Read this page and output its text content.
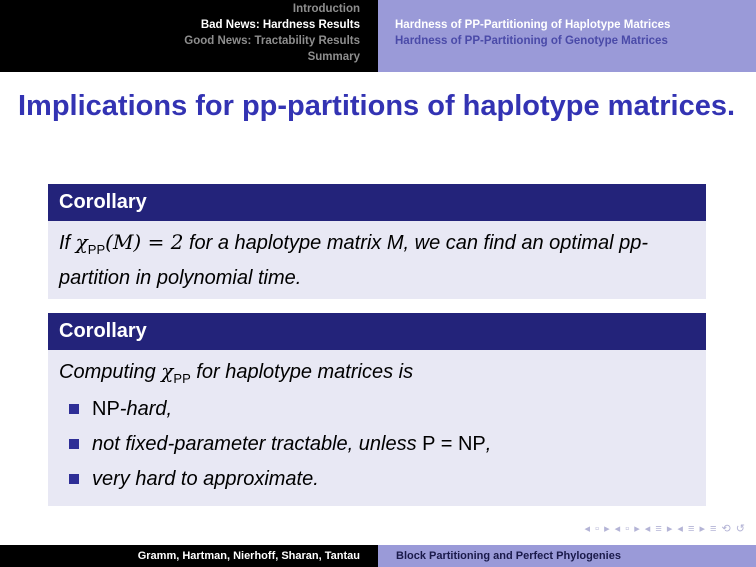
Introduction
Bad News: Hardness Results
Good News: Tractability Results
Summary
Hardness of PP-Partitioning of Haplotype Matrices
Hardness of PP-Partitioning of Genotype Matrices
Implications for pp-partitions of haplotype matrices.
Corollary
If $\chi_{PP}(M) = 2$ for a haplotype matrix M, we can find an optimal pp-partition in polynomial time.
Corollary
Computing $\chi_{PP}$ for haplotype matrices is
NP-hard,
not fixed-parameter tractable, unless P = NP,
very hard to approximate.
◂ ▫ ▸ ◂ ▫ ▸ ◂ ≡ ▸ ◂ ≡ ▸ ≡ ⟲ ↺
Gramm, Hartman, Nierhoff, Sharan, Tantau	Block Partitioning and Perfect Phylogenies
